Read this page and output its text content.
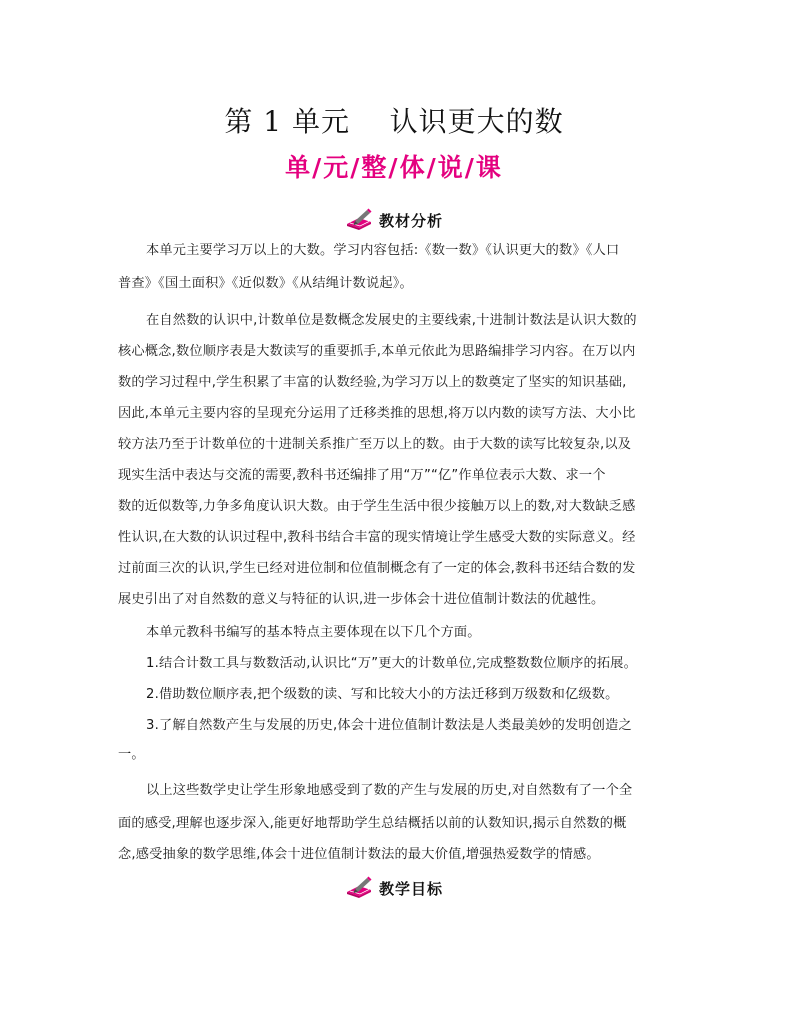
第 1 单元    认识更大的数
单/元/整/体/说/课
教材分析
本单元主要学习万以上的大数。学习内容包括:《数一数》《认识更大的数》《人口
普查》《国土面积》《近似数》《从结绳计数说起》。
在自然数的认识中,计数单位是数概念发展史的主要线索,十进制计数法是认识大数的
核心概念,数位顺序表是大数读写的重要抓手,本单元依此为思路编排学习内容。在万以内
数的学习过程中,学生积累了丰富的认数经验,为学习万以上的数奠定了坚实的知识基础,
因此,本单元主要内容的呈现充分运用了迁移类推的思想,将万以内数的读写方法、大小比
较方法乃至于计数单位的十进制关系推广至万以上的数。由于大数的读写比较复杂,以及
现实生活中表达与交流的需要,教科书还编排了用“万”“亿”作单位表示大数、求一个
数的近似数等,力争多角度认识大数。由于学生生活中很少接触万以上的数,对大数缺乏感
性认识,在大数的认识过程中,教科书结合丰富的现实情境让学生感受大数的实际意义。经
过前面三次的认识,学生已经对进位制和位值制概念有了一定的体会,教科书还结合数的发
展史引出了对自然数的意义与特征的认识,进一步体会十进位值制计数法的优越性。
本单元教科书编写的基本特点主要体现在以下几个方面。
1.结合计数工具与数数活动,认识比“万”更大的计数单位,完成整数数位顺序的拓展。
2.借助数位顺序表,把个级数的读、写和比较大小的方法迁移到万级数和亿级数。
3.了解自然数产生与发展的历史,体会十进位值制计数法是人类最美妙的发明创造之
一。
以上这些数学史让学生形象地感受到了数的产生与发展的历史,对自然数有了一个全
面的感受,理解也逐步深入,能更好地帮助学生总结概括以前的认数知识,揭示自然数的概
念,感受抽象的数学思维,体会十进位值制计数法的最大价值,增强热爱数学的情感。
教学目标
